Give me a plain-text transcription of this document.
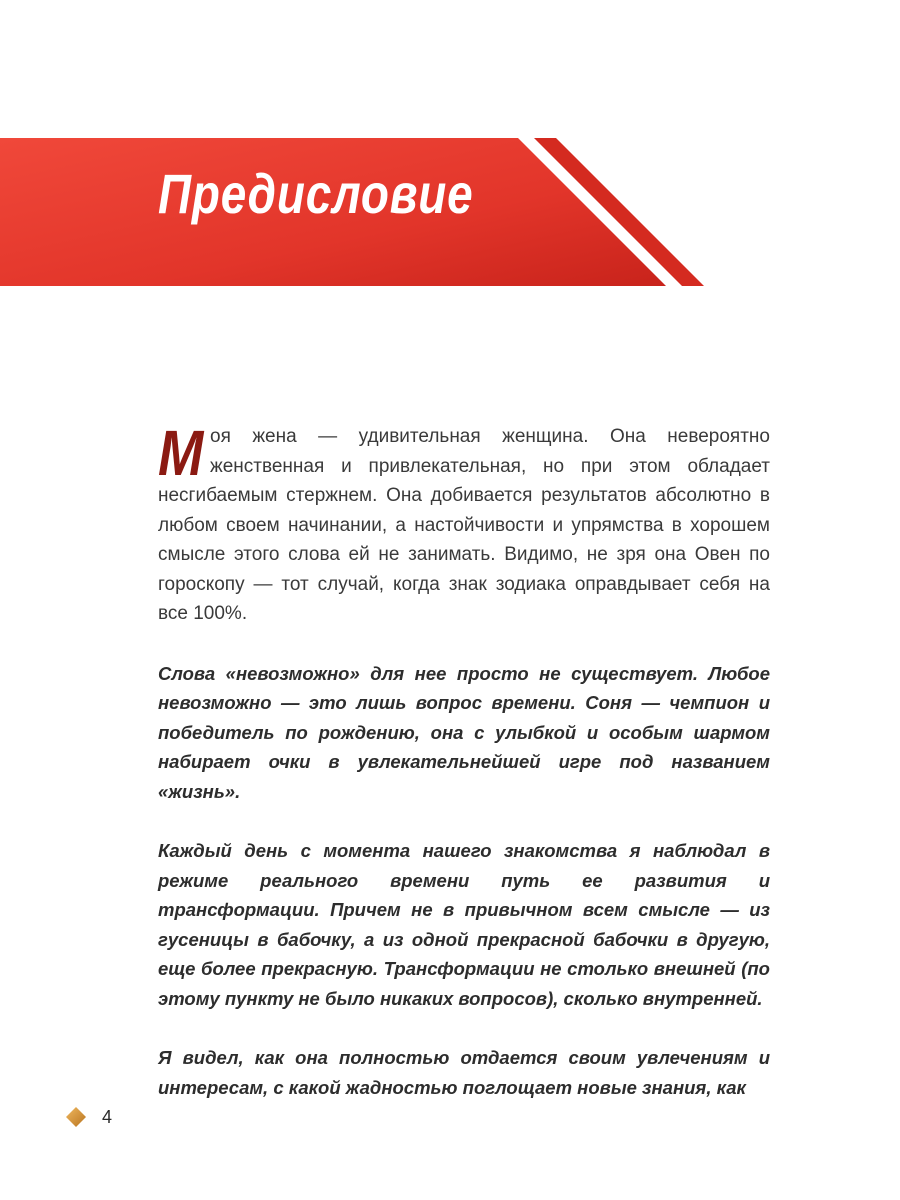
Предисловие

Моя жена — удивительная женщина. Она невероятно женственная и привлекательная, но при этом обладает несгибаемым стержнем. Она добивается результатов абсолютно в любом своем начинании, а настойчивости и упрямства в хорошем смысле этого слова ей не занимать. Видимо, не зря она Овен по гороскопу — тот случай, когда знак зодиака оправдывает себя на все 100%.

Слова «невозможно» для нее просто не существует. Любое невозможно — это лишь вопрос времени. Соня — чемпион и победитель по рождению, она с улыбкой и особым шармом набирает очки в увлекательнейшей игре под названием «жизнь».

Каждый день с момента нашего знакомства я наблюдал в режиме реального времени путь ее развития и трансформации. Причем не в привычном всем смысле — из гусеницы в бабочку, а из одной прекрасной бабочки в другую, еще более прекрасную. Трансформации не столько внешней (по этому пункту не было никаких вопросов), сколько внутренней.

Я видел, как она полностью отдается своим увлечениям и интересам, с какой жадностью поглощает новые знания, как

4
